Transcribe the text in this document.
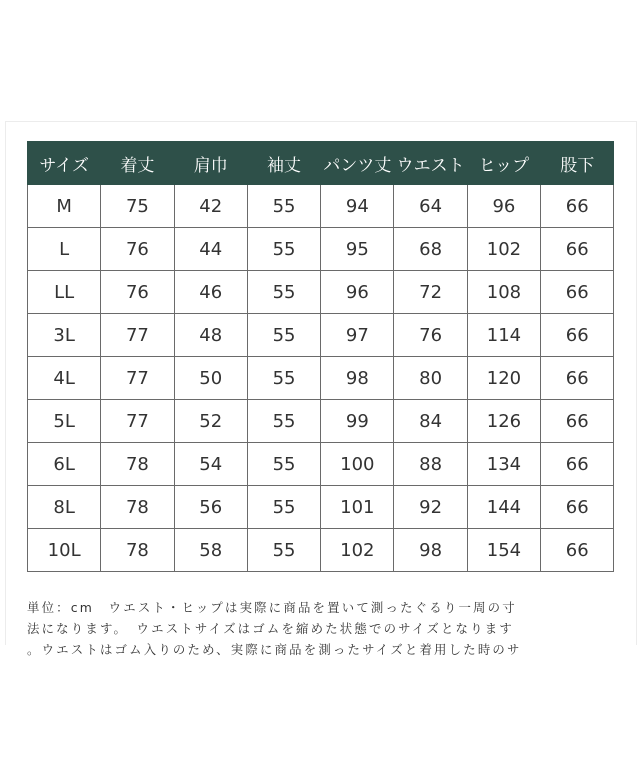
サイズ	着丈	肩巾	袖丈	パンツ丈	ウエスト	ヒップ	股下
M	75	42	55	94	64	96	66
L	76	44	55	95	68	102	66
LL	76	46	55	96	72	108	66
3L	77	48	55	97	76	114	66
4L	77	50	55	98	80	120	66
5L	77	52	55	99	84	126	66
6L	78	54	55	100	88	134	66
8L	78	56	55	101	92	144	66
10L	78	58	55	102	98	154	66
単位：cm　ウエスト・ヒップは実際に商品を置いて測ったぐるり一周の寸
法になります。　ウエストサイズはゴムを縮めた状態でのサイズとなります
。ウエストはゴム入りのため、実際に商品を測ったサイズと着用した時のサ
